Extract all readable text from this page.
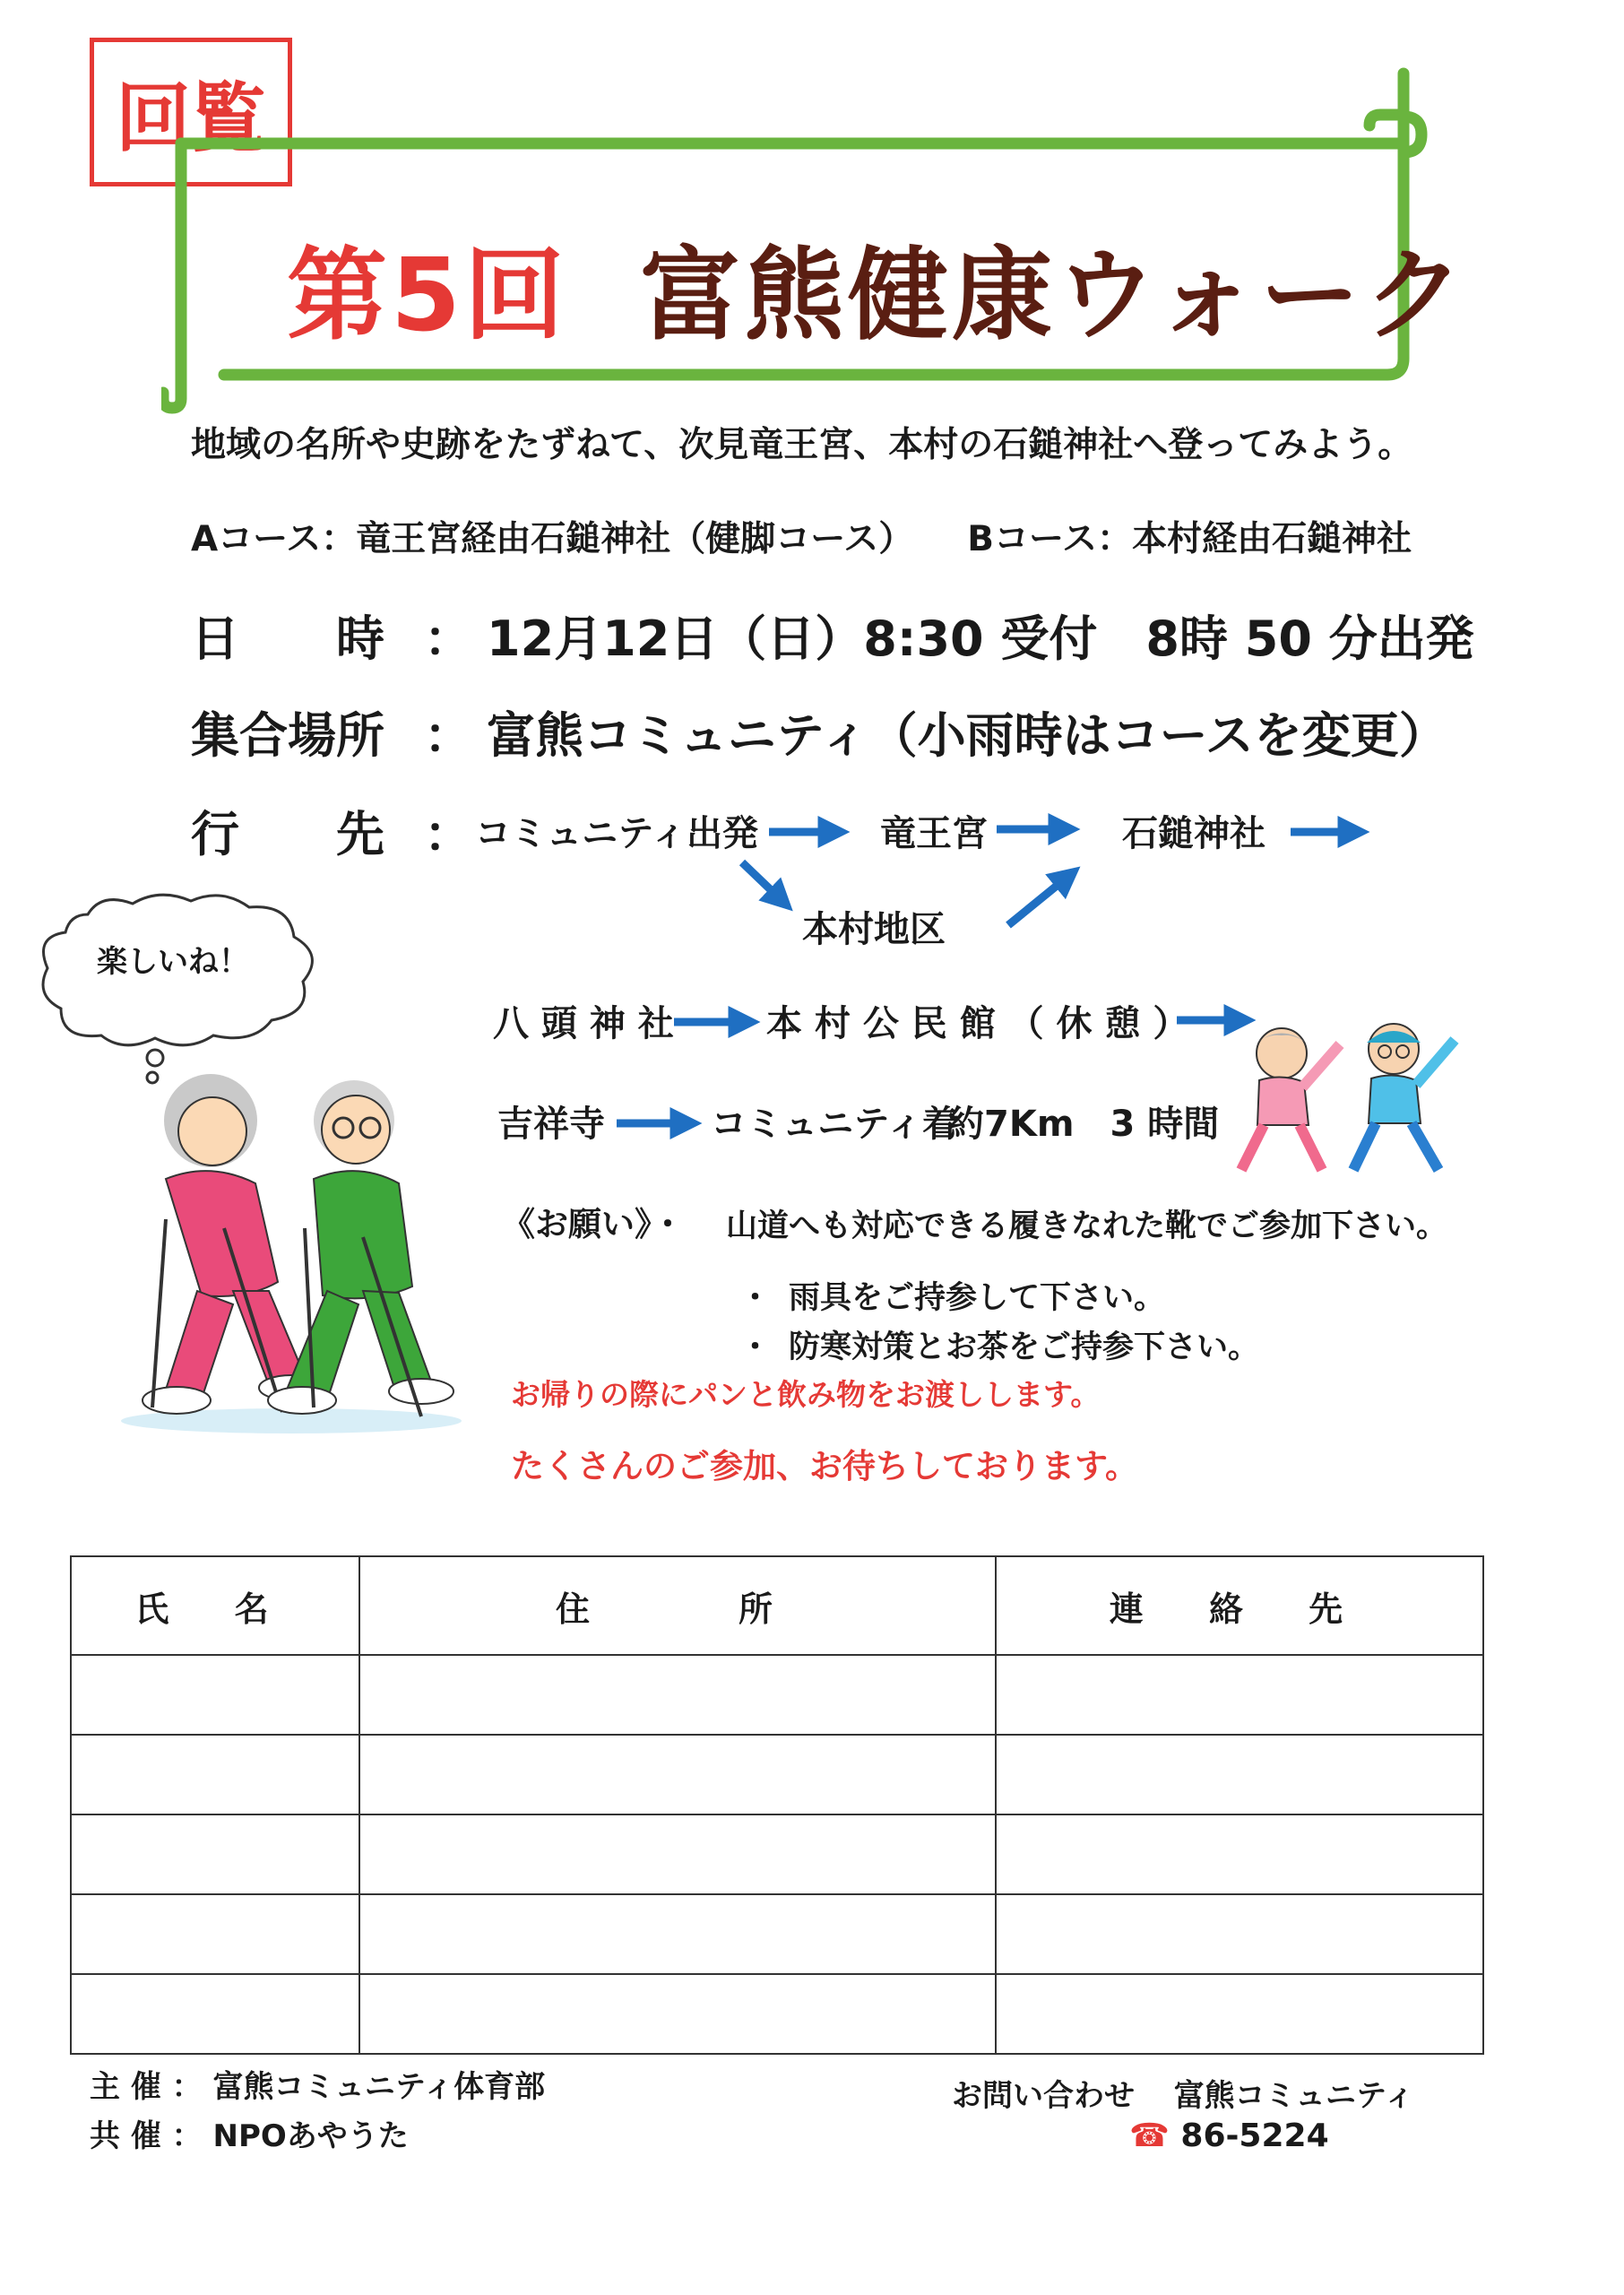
回覧
第5回 富熊健康ウォーク
地域の名所や史跡をたずねて、次見竜王宮、本村の石鎚神社へ登ってみよう。
Aコース：竜王宮経由石鎚神社（健脚コース） Bコース：本村経由石鎚神社
日　　時 ： 12月12日（日）8:30 受付　8時 50 分出発
集合場所 ： 富熊コミュニティ（小雨時はコースを変更）
行　　先 ： コミュニティ出発	竜王宮	石鎚神社
本村地区
八 頭 神 社	本 村 公 民 館 （ 休 憩 ）
吉祥寺	コミュニティ着
約7Km　3 時間
楽しいね！
《お願い》・ 山道へも対応できる履きなれた靴でご参加下さい。
・ 雨具をご持参して下さい。
・ 防寒対策とお茶をご持参下さい。
お帰りの際にパンと飲み物をお渡しします。
たくさんのご参加、お待ちしております。
氏 名	住　　所	連 絡 先

主 催 ： 富熊コミュニティ体育部
共 催 ： NPOあやうた
お問い合わせ 富熊コミュニティ
☎ 86-5224
